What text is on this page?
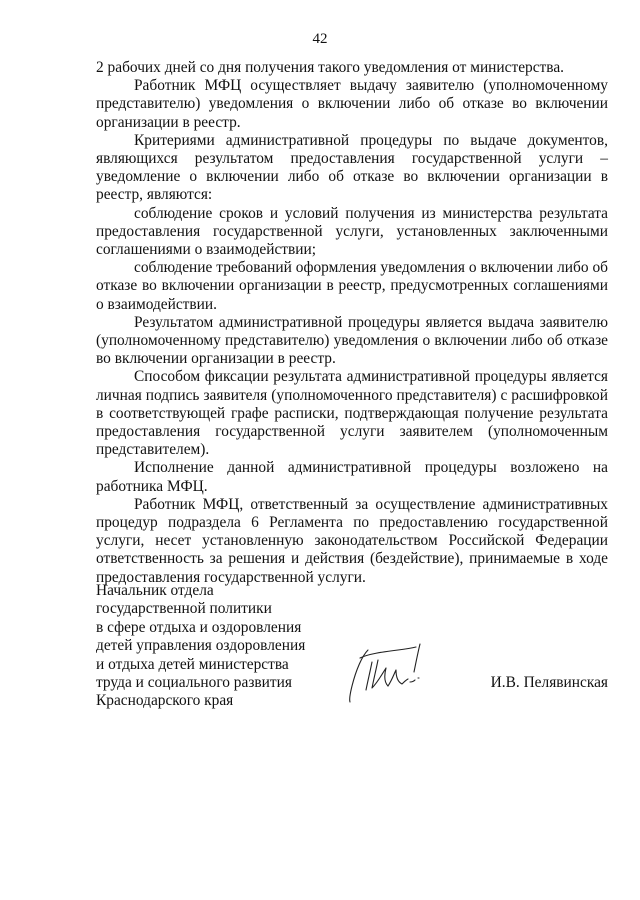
42

2 рабочих дней со дня получения такого уведомления от министерства.

Работник МФЦ осуществляет выдачу заявителю (уполномоченному представителю) уведомления о включении либо об отказе во включении организации в реестр.

Критериями административной процедуры по выдаче документов, являющихся результатом предоставления государственной услуги – уведомление о включении либо об отказе во включении организации в реестр, являются:

соблюдение сроков и условий получения из министерства результата предоставления государственной услуги, установленных заключенными соглашениями о взаимодействии;

соблюдение требований оформления уведомления о включении либо об отказе во включении организации в реестр, предусмотренных соглашениями о взаимодействии.

Результатом административной процедуры является выдача заявителю (уполномоченному представителю) уведомления о включении либо об отказе во включении организации в реестр.

Способом фиксации результата административной процедуры является личная подпись заявителя (уполномоченного представителя) с расшифровкой в соответствующей графе расписки, подтверждающая получение результата предоставления государственной услуги заявителем (уполномоченным представителем).

Исполнение данной административной процедуры возложено на работника МФЦ.

Работник МФЦ, ответственный за осуществление административных процедур подраздела 6 Регламента по предоставлению государственной услуги, несет установленную законодательством Российской Федерации ответственность за решения и действия (бездействие), принимаемые в ходе предоставления государственной услуги.

Начальник отдела
государственной политики
в сфере отдыха и оздоровления
детей управления оздоровления
и отдыха детей министерства
труда и социального развития
Краснодарского края
И.В. Пелявинская
